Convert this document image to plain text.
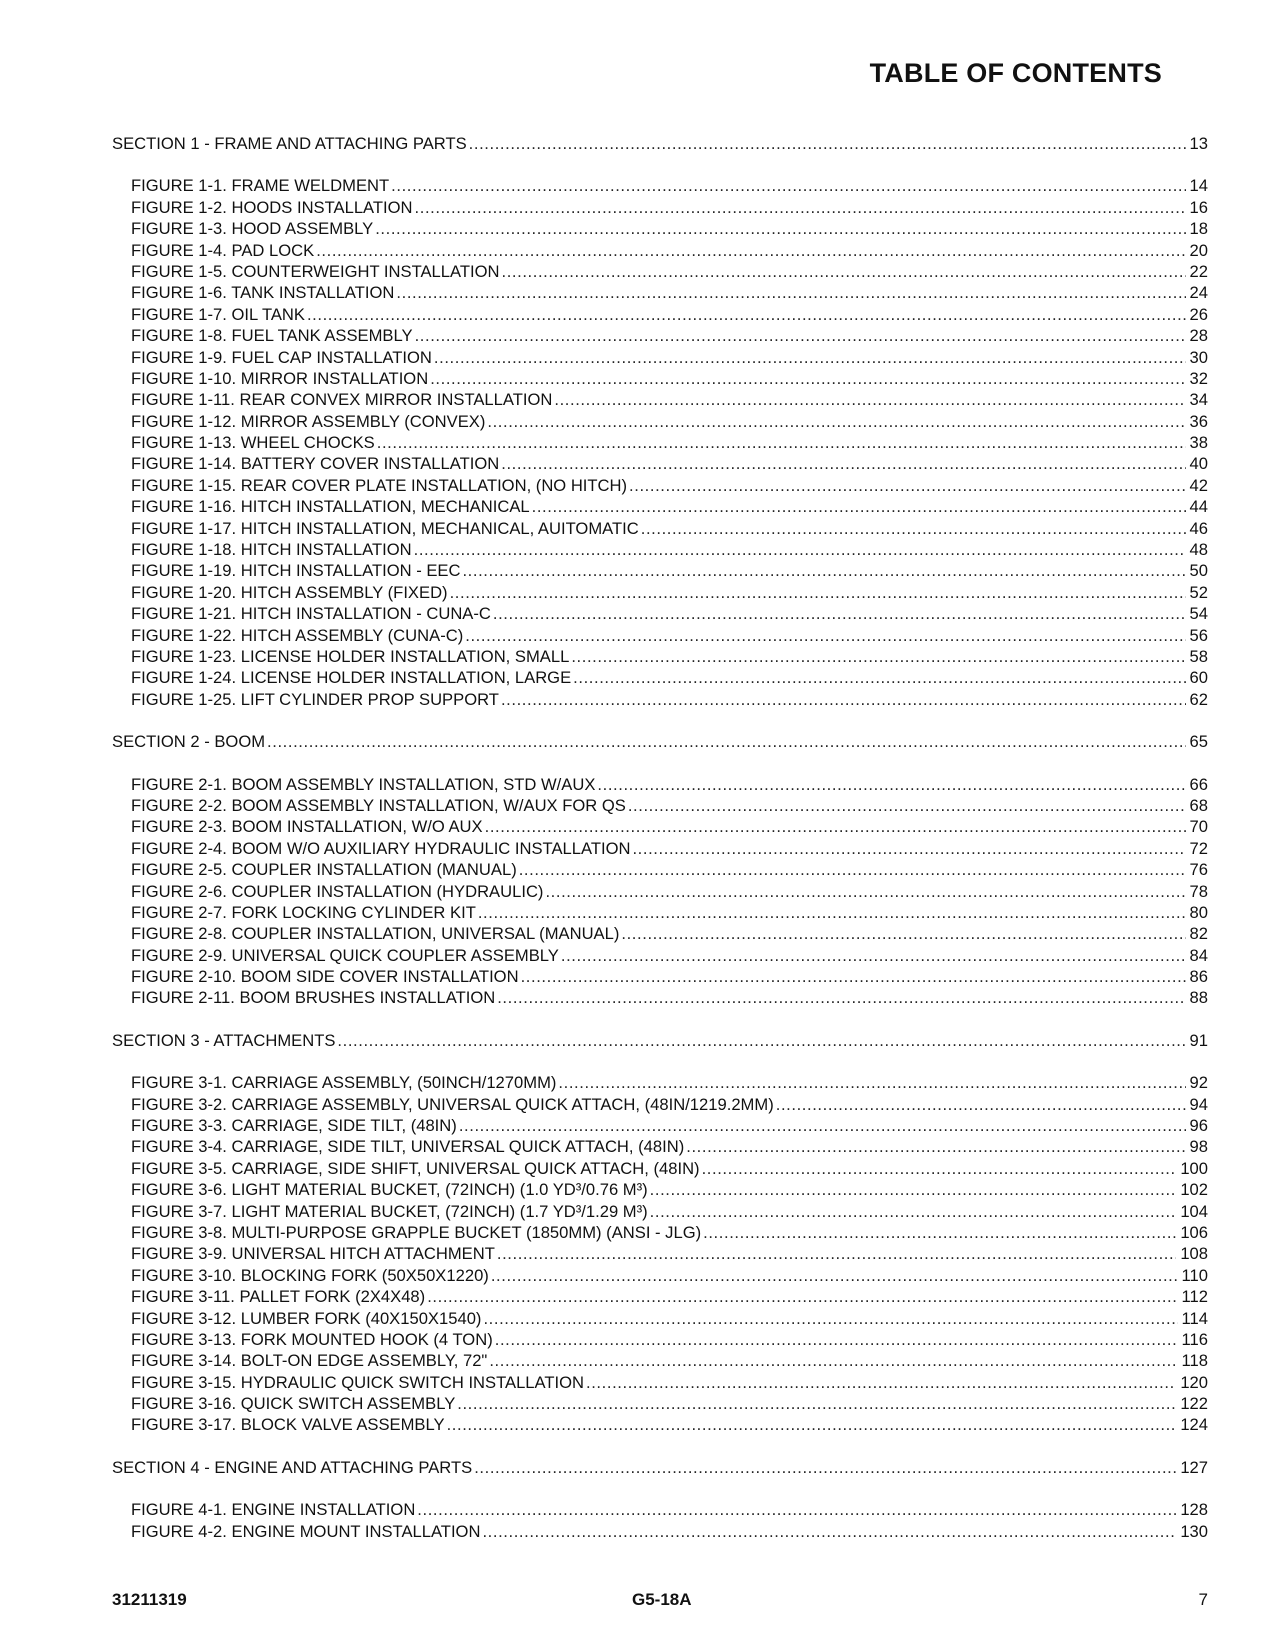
TABLE OF CONTENTS
SECTION 1 - FRAME AND ATTACHING PARTS .....	13
FIGURE 1-1. FRAME WELDMENT .....	14
FIGURE 1-2. HOODS INSTALLATION .....	16
FIGURE 1-3. HOOD ASSEMBLY .....	18
FIGURE 1-4. PAD LOCK .....	20
FIGURE 1-5. COUNTERWEIGHT INSTALLATION .....	22
FIGURE 1-6. TANK INSTALLATION .....	24
FIGURE 1-7. OIL TANK .....	26
FIGURE 1-8. FUEL TANK ASSEMBLY .....	28
FIGURE 1-9. FUEL CAP INSTALLATION .....	30
FIGURE 1-10. MIRROR INSTALLATION .....	32
FIGURE 1-11. REAR CONVEX MIRROR INSTALLATION .....	34
FIGURE 1-12. MIRROR ASSEMBLY (CONVEX) .....	36
FIGURE 1-13. WHEEL CHOCKS .....	38
FIGURE 1-14. BATTERY COVER INSTALLATION .....	40
FIGURE 1-15. REAR COVER PLATE INSTALLATION, (NO HITCH) .....	42
FIGURE 1-16. HITCH INSTALLATION, MECHANICAL .....	44
FIGURE 1-17. HITCH INSTALLATION, MECHANICAL, AUITOMATIC .....	46
FIGURE 1-18. HITCH INSTALLATION .....	48
FIGURE 1-19. HITCH INSTALLATION - EEC .....	50
FIGURE 1-20. HITCH ASSEMBLY (FIXED) .....	52
FIGURE 1-21. HITCH INSTALLATION - CUNA-C .....	54
FIGURE 1-22. HITCH ASSEMBLY (CUNA-C) .....	56
FIGURE 1-23. LICENSE HOLDER INSTALLATION, SMALL .....	58
FIGURE 1-24. LICENSE HOLDER INSTALLATION, LARGE .....	60
FIGURE 1-25. LIFT CYLINDER PROP SUPPORT .....	62
SECTION 2 - BOOM .....	65
FIGURE 2-1. BOOM ASSEMBLY INSTALLATION, STD W/AUX .....	66
FIGURE 2-2. BOOM ASSEMBLY INSTALLATION, W/AUX FOR QS .....	68
FIGURE 2-3. BOOM INSTALLATION, W/O AUX .....	70
FIGURE 2-4. BOOM W/O AUXILIARY HYDRAULIC INSTALLATION .....	72
FIGURE 2-5. COUPLER INSTALLATION (MANUAL) .....	76
FIGURE 2-6. COUPLER INSTALLATION (HYDRAULIC) .....	78
FIGURE 2-7. FORK LOCKING CYLINDER KIT .....	80
FIGURE 2-8. COUPLER INSTALLATION, UNIVERSAL (MANUAL) .....	82
FIGURE 2-9. UNIVERSAL QUICK COUPLER ASSEMBLY .....	84
FIGURE 2-10. BOOM SIDE COVER INSTALLATION .....	86
FIGURE 2-11. BOOM BRUSHES INSTALLATION .....	88
SECTION 3 - ATTACHMENTS .....	91
FIGURE 3-1. CARRIAGE ASSEMBLY, (50INCH/1270MM) .....	92
FIGURE 3-2. CARRIAGE ASSEMBLY, UNIVERSAL QUICK ATTACH, (48IN/1219.2MM) .....	94
FIGURE 3-3. CARRIAGE, SIDE TILT, (48IN) .....	96
FIGURE 3-4. CARRIAGE, SIDE TILT, UNIVERSAL QUICK ATTACH, (48IN) .....	98
FIGURE 3-5. CARRIAGE, SIDE SHIFT, UNIVERSAL QUICK ATTACH, (48IN) .....	100
FIGURE 3-6. LIGHT MATERIAL BUCKET, (72INCH) (1.0 YD³/0.76 M³) .....	102
FIGURE 3-7. LIGHT MATERIAL BUCKET, (72INCH) (1.7 YD³/1.29 M³) .....	104
FIGURE 3-8. MULTI-PURPOSE GRAPPLE BUCKET (1850MM) (ANSI - JLG) .....	106
FIGURE 3-9. UNIVERSAL HITCH ATTACHMENT .....	108
FIGURE 3-10. BLOCKING FORK (50X50X1220) .....	110
FIGURE 3-11. PALLET FORK (2X4X48) .....	112
FIGURE 3-12. LUMBER FORK (40X150X1540) .....	114
FIGURE 3-13. FORK MOUNTED HOOK (4 TON) .....	116
FIGURE 3-14. BOLT-ON EDGE ASSEMBLY, 72" .....	118
FIGURE 3-15. HYDRAULIC QUICK SWITCH INSTALLATION .....	120
FIGURE 3-16. QUICK SWITCH ASSEMBLY .....	122
FIGURE 3-17. BLOCK VALVE ASSEMBLY .....	124
SECTION 4 - ENGINE AND ATTACHING PARTS .....	127
FIGURE 4-1. ENGINE INSTALLATION .....	128
FIGURE 4-2. ENGINE MOUNT INSTALLATION .....	130
31211319	G5-18A	7
